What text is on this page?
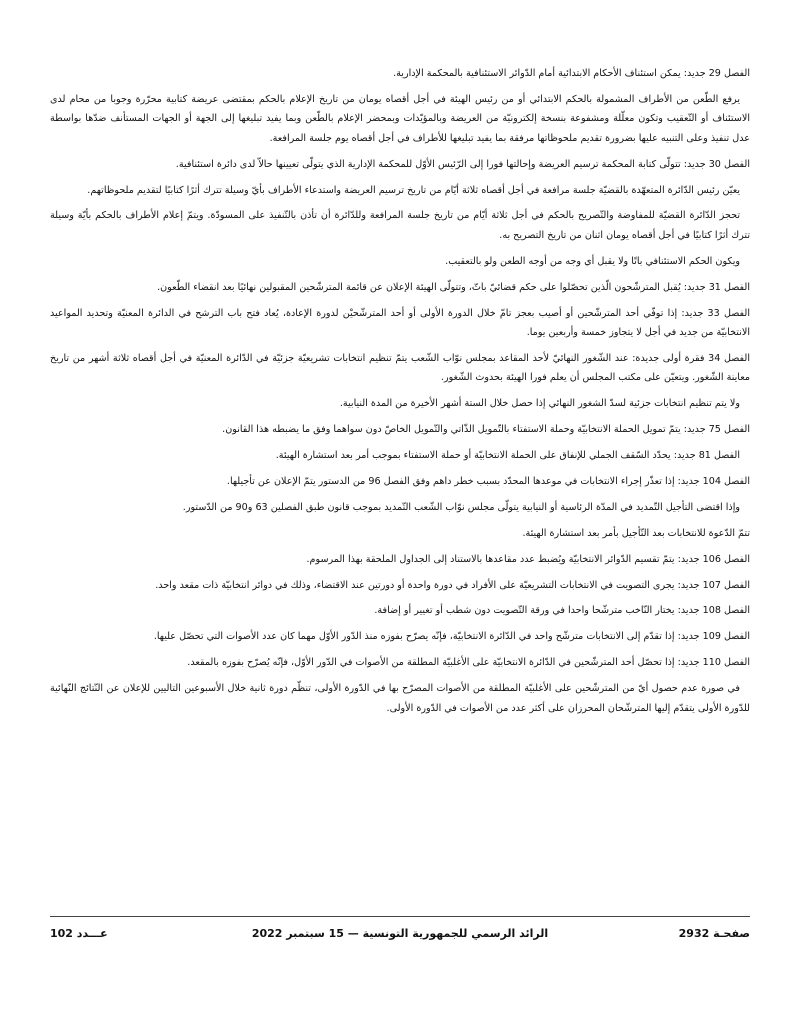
الفصل 29 جديد: يمكن استئناف الأحكام الابتدائية أمام الدّوائر الاستئنافية بالمحكمة الإدارية.

يرفع الطّعن من الأطراف المشمولة بالحكم الابتدائي أو من رئيس الهيئة في أجل أقصاه يومان من تاريخ الإعلام بالحكم بمقتضى عريضة كتابية محرّرة وجوبا من محام لدى الاستئناف أو التّعقيب وتكون معلّلة ومشفوعة بنسخة إلكترونيّة من العريضة وبالمؤيّدات وبمحضر الإعلام بالطّعن وبما يفيد تبليغها إلى الجهة أو الجهات المستأنف ضدّها بواسطة عدل تنفيذ وعلى التنبيه عليها بضرورة تقديم ملحوظاتها مرفقة بما يفيد تبليغها للأطراف في أجل أقصاه يوم جلسة المرافعة.

الفصل 30 جديد: تتولّى كتابة المحكمة ترسيم العريضة وإحالتها فورا إلى الرّئيس الأوّل للمحكمة الإدارية الذي يتولّى تعيينها حالاّ لدى دائرة استئنافية.

يعيّن رئيس الدّائرة المتعهّدة بالقضيّة جلسة مرافعة في أجل أقصاه ثلاثة أيّام من تاريخ ترسيم العريضة واستدعاء الأطراف بأيّ وسيلة تترك أثرًا كتابيًا لتقديم ملحوظاتهم.

تحجز الدّائرة القضيّة للمفاوضة والتّصريح بالحكم في أجل ثلاثة أيّام من تاريخ جلسة المرافعة وللدّائرة أن تأذن بالتّنفيذ على المسودّة. ويتمّ إعلام الأطراف بالحكم بأيّة وسيلة تترك أثرًا كتابيًا في أجل أقصاه يومان اثنان من تاريخ التصريح به.

ويكون الحكم الاستئنافي باتًا ولا يقبل أي وجه من أوجه الطعن ولو بالتعقيب.

الفصل 31 جديد: يُقبل المترشّحون الّذين تحصّلوا على حكم قضائيّ باتّ، وتتولّى الهيئة الإعلان عن قائمة المترشّحين المقبولين نهائيًا بعد انقضاء الطّعون.

الفصل 33 جديد: إذا توفّي أحد المترشّحين أو أصيب بعجز تامّ خلال الدورة الأولى أو أحد المترشّحيْن لدورة الإعادة، يُعاد فتح باب الترشح في الدائرة المعنيّة وتحديد المواعيد الانتخابيّة من جديد في أجل لا يتجاوز خمسة وأربعين يوما.

الفصل 34 فقرة أولى جديدة: عند الشّغور النهائيّ لأحد المقاعد بمجلس نوّاب الشّعب يتمّ تنظيم انتخابات تشريعيّة جزئيّة في الدّائرة المعنيّة في أجل أقصاه ثلاثة أشهر من تاريخ معاينة الشّغور. ويتعيّن على مكتب المجلس أن يعلم فورا الهيئة بحدوث الشّغور.

ولا يتم تنظيم انتخابات جزئية لسدّ الشغور النهائي إذا حصل خلال الستة أشهر الأخيرة من المدة النيابية.

الفصل 75 جديد: يتمّ تمويل الحملة الانتخابيّة وحملة الاستفتاء بالتّمويل الذّاتي والتّمويل الخاصّ دون سواهما وفق ما يضبطه هذا القانون.

الفصل 81 جديد: يحدّد السّقف الجملي للإنفاق على الحملة الانتخابيّة أو حملة الاستفتاء بموجب أمر بعد استشارة الهيئة.

الفصل 104 جديد: إذا تعذّر إجراء الانتخابات في موعدها المحدّد بسبب خطر داهم وفق الفصل 96 من الدستور يتمّ الإعلان عن تأجيلها.

وإذا اقتضى التأجيل التّمديد في المدّة الرئاسية أو النيابية يتولّى مجلس نوّاب الشّعب التّمديد بموجب قانون طبق الفصلين 63 و90 من الدّستور.

تتمّ الدّعوة للانتخابات بعد التّأجيل بأمر بعد استشارة الهيئة.

الفصل 106 جديد: يتمّ تقسيم الدّوائر الانتخابيّة ويُضبط عدد مقاعدها بالاستناد إلى الجداول الملحقة بهذا المرسوم.

الفصل 107 جديد: يجرى التصويت في الانتخابات التشريعيّة على الأفراد في دورة واحدة أو دورتين عند الاقتضاء، وذلك في دوائر انتخابيّة ذات مقعد واحد.

الفصل 108 جديد: يختار النّاخب مترشّحا واحدا في ورقة التّصويت دون شطب أو تغيير أو إضافة.

الفصل 109 جديد: إذا تقدّم إلى الانتخابات مترشّح واحد في الدّائرة الانتخابيّة، فإنّه يصرّح بفوزه منذ الدّور الأوّل مهما كان عدد الأصوات التي تحصّل عليها.

الفصل 110 جديد: إذا تحصّل أحد المترشّحين في الدّائرة الانتخابيّة على الأغلبيّة المطلقة من الأصوات في الدّور الأوّل، فإنّه يُصرّح بفوزه بالمقعد.

في صورة عدم حصول أيّ من المترشّحين على الأغلبيّة المطلقة من الأصوات المصرّح بها في الدّورة الأولى، تنظّم دورة ثانية خلال الأسبوعين التاليين للإعلان عن النّتائج النّهائية للدّورة الأولى يتقدّم إليها المترشّحان المحرزان على أكثر عدد من الأصوات في الدّورة الأولى.

صفحـة 2932
الرائد الرسمي للجمهورية التونسية — 15 سبتمبر 2022
عـــدد 102
